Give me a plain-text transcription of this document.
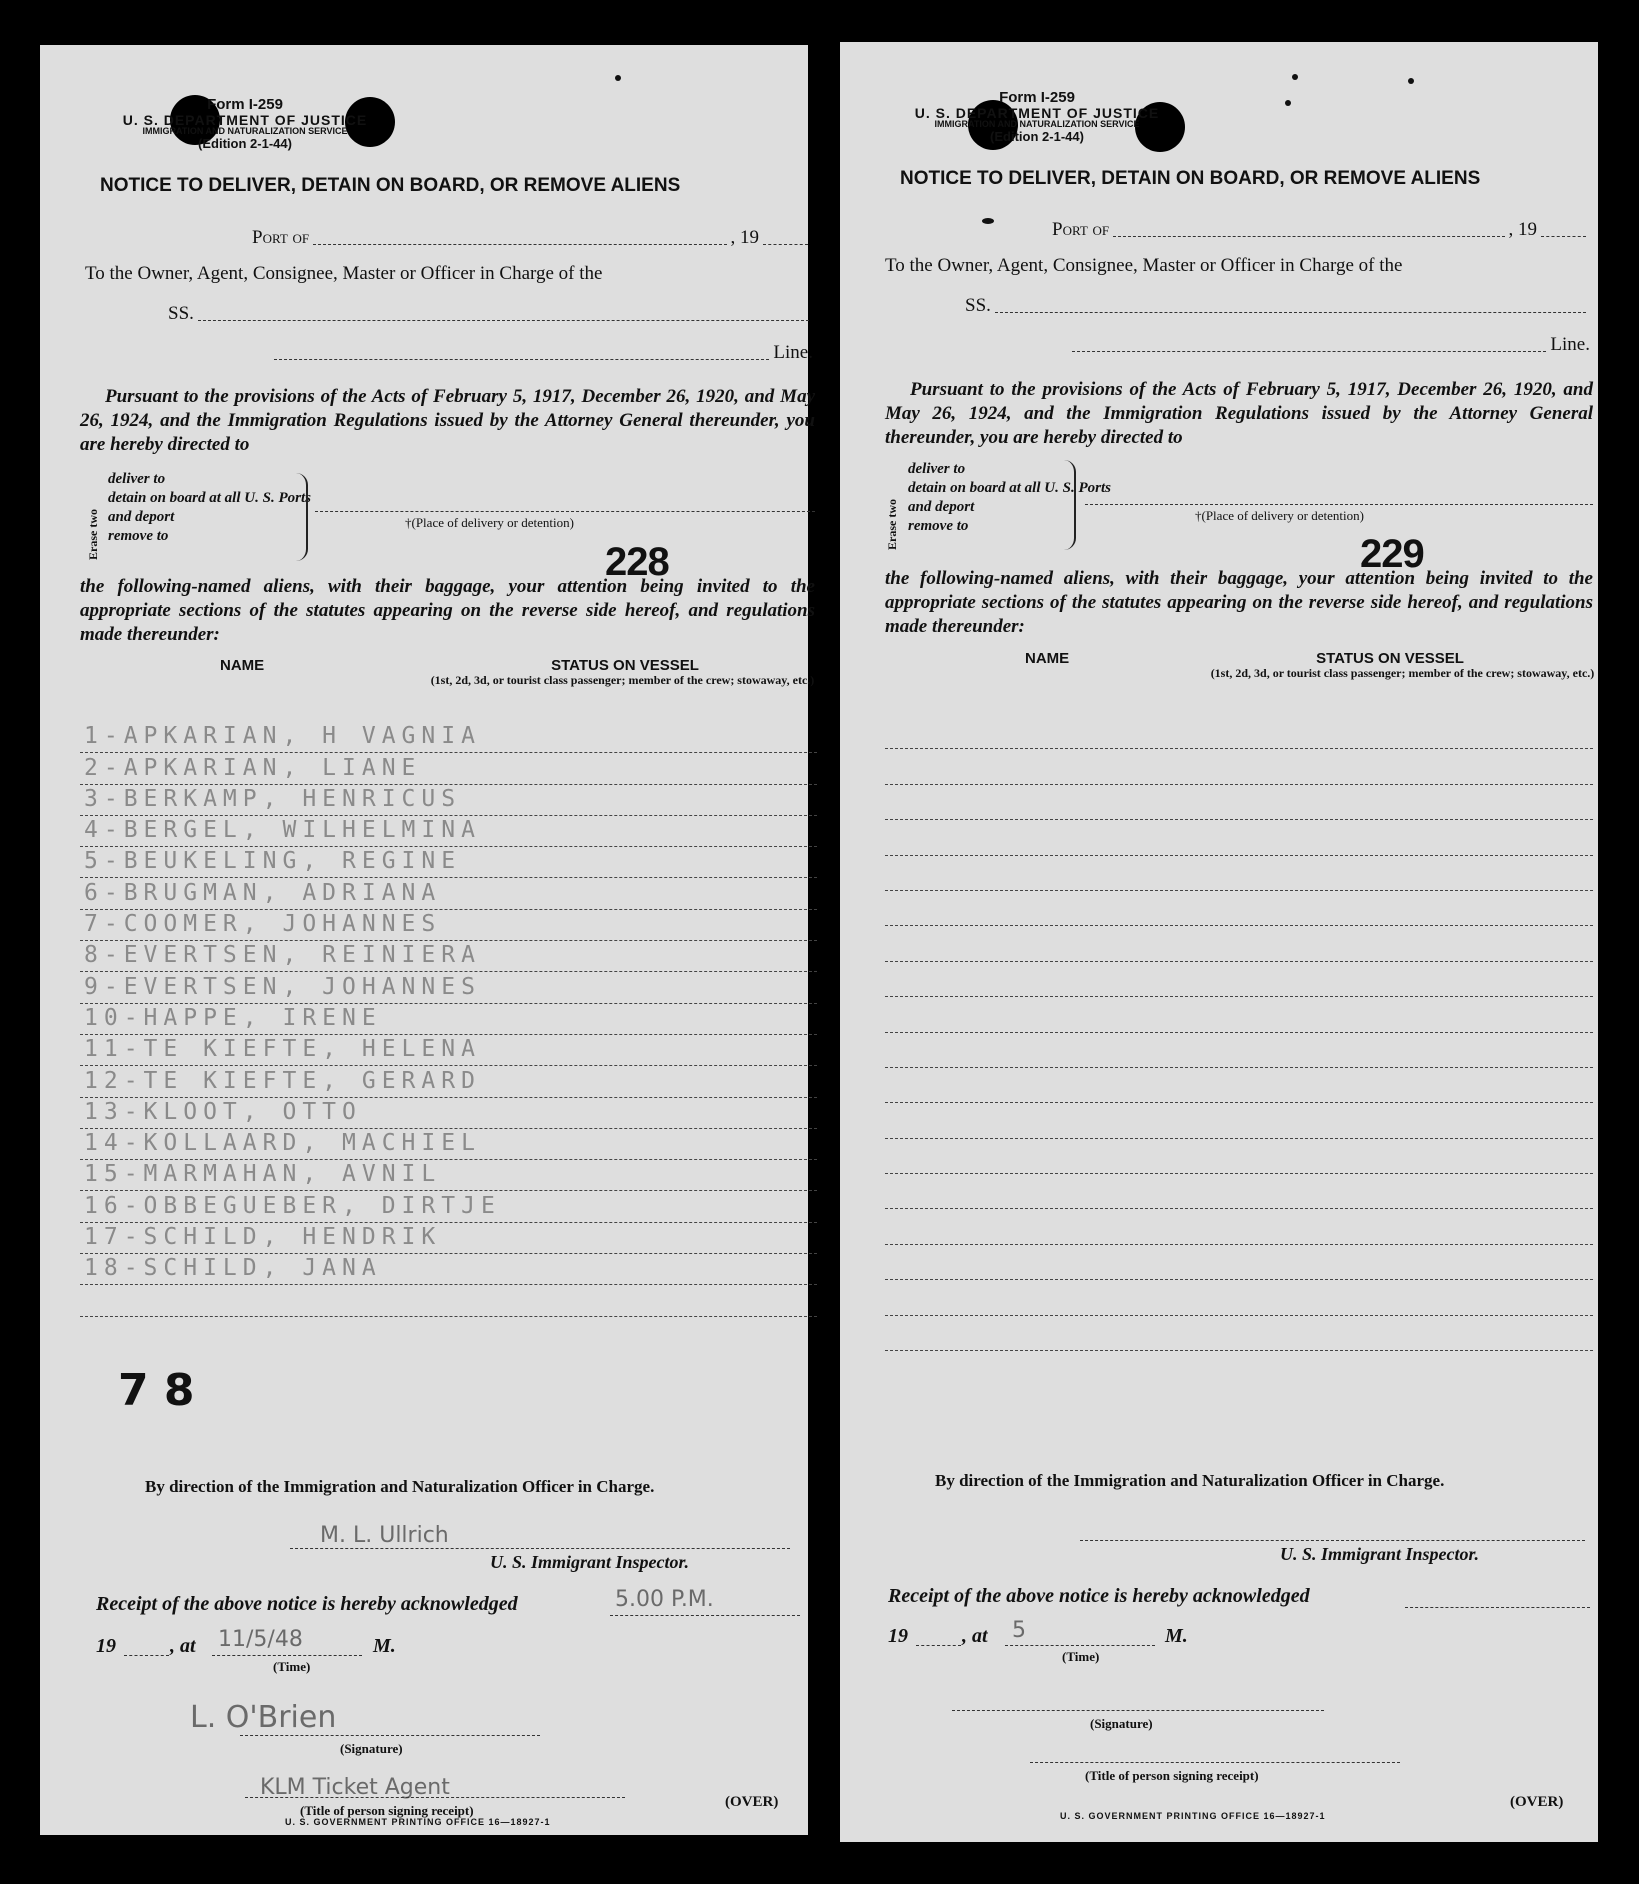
Form I-259
U. S. DEPARTMENT OF JUSTICE
IMMIGRATION AND NATURALIZATION SERVICE
(Edition 2-1-44)
NOTICE TO DELIVER, DETAIN ON BOARD, OR REMOVE ALIENS
Port of	, 19
To the Owner, Agent, Consignee, Master or Officer in Charge of the
SS.
Line.
Pursuant to the provisions of the Acts of February 5, 1917, December 26, 1920, and May 26, 1924, and the Immigration Regulations issued by the Attorney General thereunder, you are hereby directed to
Erase two
deliver to
detain on board at all U. S. Ports and deport
remove to
†(Place of delivery or detention)
228
the following-named aliens, with their baggage, your attention being invited to the appropriate sections of the statutes appearing on the reverse side hereof, and regulations made thereunder:
NAME	STATUS ON VESSEL
(1st, 2d, 3d, or tourist class passenger; member of the crew; stowaway, etc.)
1-APKARIAN, H VAGNIA
2-APKARIAN, LIANE
3-BERKAMP, HENRICUS
4-BERGEL, WILHELMINA
5-BEUKELING, REGINE
6-BRUGMAN, ADRIANA
7-COOMER, JOHANNES
8-EVERTSEN, REINIERA
9-EVERTSEN, JOHANNES
10-HAPPE, IRENE
11-TE KIEFTE, HELENA
12-TE KIEFTE, GERARD
13-KLOOT, OTTO
14-KOLLAARD, MACHIEL
15-MARMAHAN, AVNIL
16-OBBEGUEBER, DIRTJE
17-SCHILD, HENDRIK
18-SCHILD, JANA
7 8
By direction of the Immigration and Naturalization Officer in Charge.
M. L. Ullrich
U. S. Immigrant Inspector.
Receipt of the above notice is hereby acknowledged	5.00 P.M.
19	, at 11/5/48	M.
(Time)
L. O'Brien
(Signature)
KLM Ticket Agent
(Title of person signing receipt)
U. S. GOVERNMENT PRINTING OFFICE 16—18927-1
(OVER)
Form I-259
U. S. DEPARTMENT OF JUSTICE
IMMIGRATION AND NATURALIZATION SERVICE
(Edition 2-1-44)
NOTICE TO DELIVER, DETAIN ON BOARD, OR REMOVE ALIENS
Port of	, 19
To the Owner, Agent, Consignee, Master or Officer in Charge of the
SS.
Line.
Pursuant to the provisions of the Acts of February 5, 1917, December 26, 1920, and May 26, 1924, and the Immigration Regulations issued by the Attorney General thereunder, you are hereby directed to
Erase two
deliver to
detain on board at all U. S. Ports and deport
remove to
†(Place of delivery or detention)
229
the following-named aliens, with their baggage, your attention being invited to the appropriate sections of the statutes appearing on the reverse side hereof, and regulations made thereunder:
NAME	STATUS ON VESSEL
(1st, 2d, 3d, or tourist class passenger; member of the crew; stowaway, etc.)
By direction of the Immigration and Naturalization Officer in Charge.
U. S. Immigrant Inspector.
Receipt of the above notice is hereby acknowledged
19	, at 5	M.
(Time)
(Signature)
(Title of person signing receipt)
U. S. GOVERNMENT PRINTING OFFICE 16—18927-1
(OVER)
